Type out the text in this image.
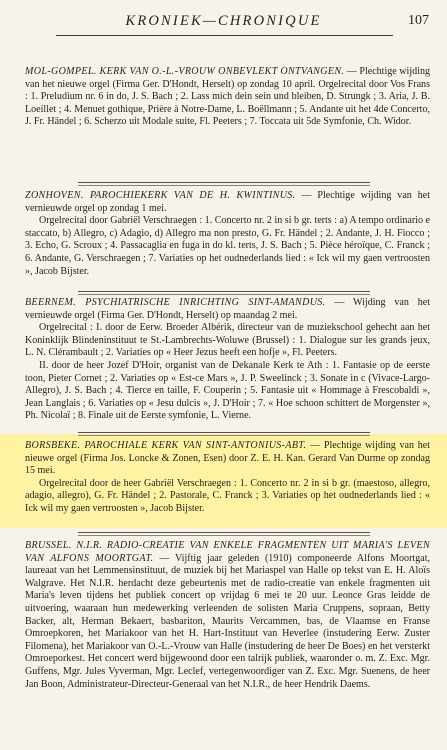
KRONIEK—CHRONIQUE	107

MOL-GOMPEL. KERK VAN O.-L.-VROUW ONBEVLEKT ONTVANGEN. — Plechtige wijding van het nieuwe orgel (Firma Ger. D'Hondt, Herselt) op zondag 10 april. Orgelrecital door Vos Frans : 1. Preludium nr. 6 in do, J. S. Bach ; 2. Lass mich dein sein und bleiben, D. Strungk ; 3. Aria, J. B. Loeillet ; 4. Menuet gothique, Prière à Notre-Dame, L. Boëllmann ; 5. Andante uit het 4de Concerto, J. Fr. Händel ; 6. Scherzo uit Modale suite, Fl. Peeters ; 7. Toccata uit 5de Symfonie, Ch. Widor.

ZONHOVEN. PAROCHIEKERK VAN DE H. KWINTINUS. — Plechtige wijding van het vernieuwde orgel op zondag 1 mei.

Orgelrecital door Gabriël Verschraegen : 1. Concerto nr. 2 in si b gr. terts : a) A tempo ordinario e staccato, b) Allegro, c) Adagio, d) Allegro ma non presto, G. Fr. Händel ; 2. Andante, J. H. Fiocco ; 3. Echo, G. Scroux ; 4. Passacaglia en fuga in do kl. terts, J. S. Bach ; 5. Pièce héroïque, C. Franck ; 6. Andante, G. Verschraegen ; 7. Variaties op het oudnederlands lied : « Ick wil my gaen vertroosten », Jacob Bijster.

BEERNEM. PSYCHIATRISCHE INRICHTING SINT-AMANDUS. — Wijding van het vernieuwde orgel (Firma Ger. D'Hondt, Herselt) op maandag 2 mei.

Orgelrecital : I. door de Eerw. Broeder Albérik, directeur van de muziekschool gehecht aan het Koninklijk Blindeninstituut te St.-Lambrechts-Woluwe (Brussel) : 1. Dialogue sur les grands jeux, L. N. Clérambault ; 2. Variaties op « Heer Jezus heeft een hofje », Fl. Peeters.

II. door de heer Jozef D'Hoir, organist van de Dekanale Kerk te Ath : 1. Fantasie op de eerste toon, Pieter Cornet ; 2. Variaties op « Est-ce Mars », J. P. Sweelinck ; 3. Sonate in c (Vivace-Largo-Allegro), J. S. Bach ; 4. Tierce en taille, F. Couperin ; 5. Fantasie uit « Hommage à Frescobaldi », Jean Langlais ; 6. Variaties op « Jesu dulcis », J. D'Hoir ; 7. « Hoe schoon schittert de Morgenster », Ph. Nicolaï ; 8. Finale uit de Eerste symfonie, L. Vierne.

BORSBEKE. PAROCHIALE KERK VAN SINT-ANTONIUS-ABT. — Plechtige wijding van het nieuwe orgel (Firma Jos. Loncke & Zonen, Esen) door Z. E. H. Kan. Gerard Van Durme op zondag 15 mei.

Orgelrecital door de heer Gabriël Verschraegen : 1. Concerto nr. 2 in si b gr. (maestoso, allegro, adagio, allegro), G. Fr. Händel ; 2. Pastorale, C. Franck ; 3. Variaties op het oudnederlands lied : « Ick wil my gaen vertroosten », Jacob Bijster.

BRUSSEL. N.I.R. RADIO-CREATIE VAN ENKELE FRAGMENTEN UIT MARIA'S LEVEN VAN ALFONS MOORTGAT. — Vijftig jaar geleden (1910) componeerde Alfons Moortgat, laureaat van het Lemmensinstituut, de muziek bij het Mariaspel van Halle op tekst van E. H. Aloïs Walgrave. Het N.I.R. herdacht deze gebeurtenis met de radio-creatie van enkele fragmenten uit Maria's leven tijdens het publiek concert op vrijdag 6 mei te 20 uur. Leonce Gras leidde de uitvoering, waaraan hun medewerking verleenden de solisten Maria Cruppens, sopraan, Betty Backer, alt, Herman Bekaert, basbariton, Maurits Vercammen, bas, de Vlaamse en Franse Omroepkoren, het Mariakoor van het H. Hart-Instituut van Heverlee (instudering Eerw. Zuster Filomena), het Mariakoor van O.-L.-Vrouw van Halle (instudering de heer De Boes) en het versterkt Omroeporkest. Het concert werd bijgewoond door een talrijk publiek, waaronder o. m. Z. Exc. Mgr. Guffens, Mgr. Jules Vyverman, Mgr. Leclef, vertegenwoordiger van Z. Exc. Mgr. Suenens, de heer Jan Boon, Administrateur-Directeur-Generaal van het N.I.R., de heer Hendrik Daems.
